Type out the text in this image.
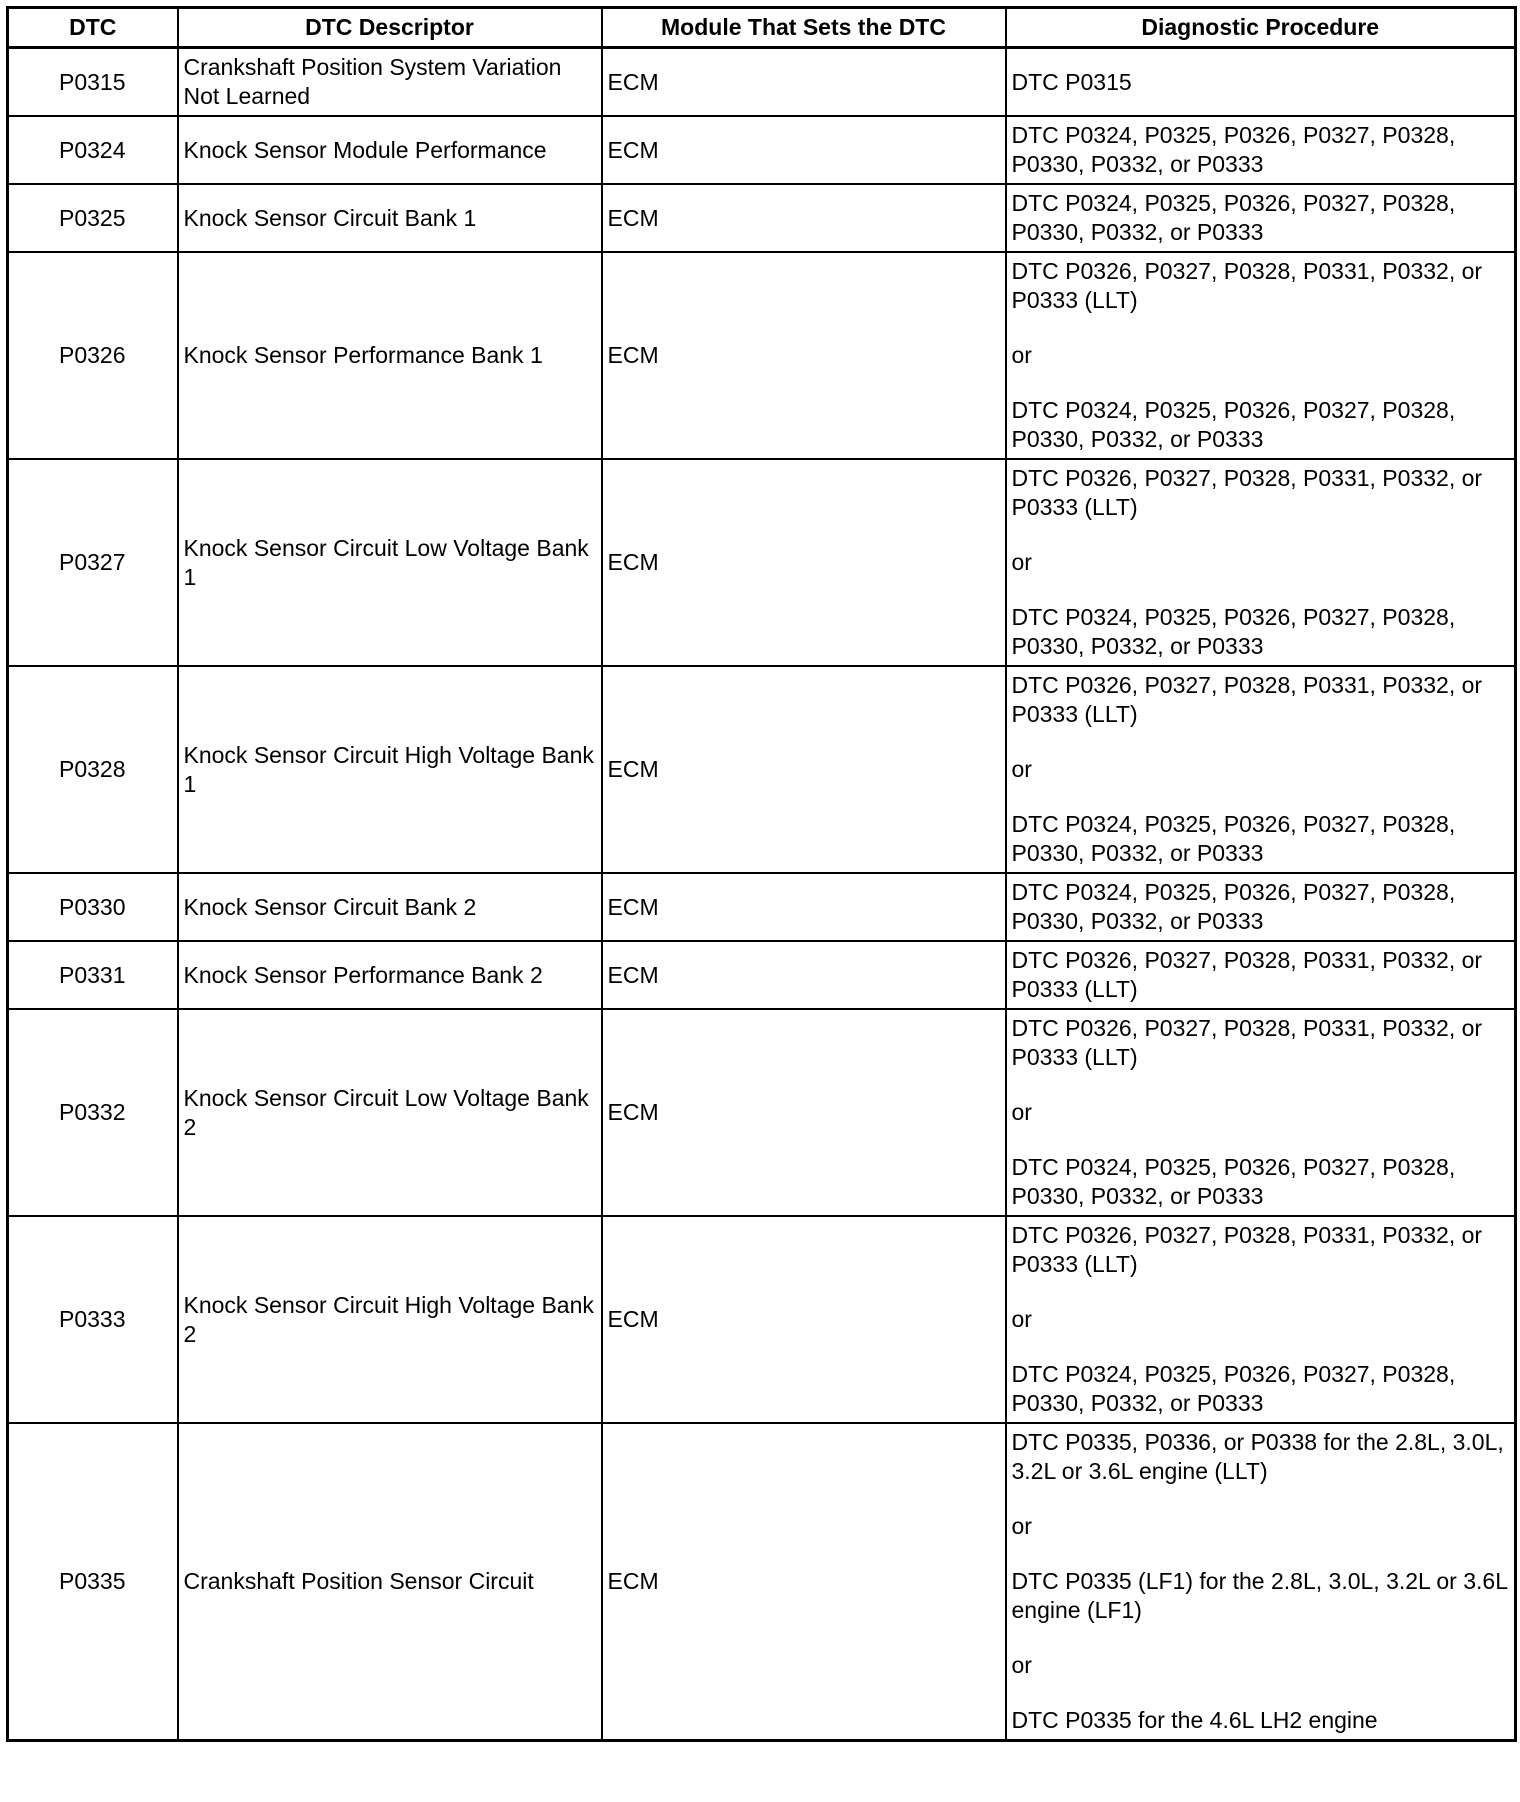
DTC	DTC Descriptor	Module That Sets the DTC	Diagnostic Procedure
P0315	Crankshaft Position System Variation Not Learned	ECM	DTC P0315

P0324	Knock Sensor Module Performance	ECM	DTC P0324, P0325, P0326, P0327, P0328, P0330, P0332, or P0333

P0325	Knock Sensor Circuit Bank 1	ECM	DTC P0324, P0325, P0326, P0327, P0328, P0330, P0332, or P0333

P0326	Knock Sensor Performance Bank 1	ECM	DTC P0326, P0327, P0328, P0331, P0332, or P0333 (LLT)
or
DTC P0324, P0325, P0326, P0327, P0328, P0330, P0332, or P0333

P0327	Knock Sensor Circuit Low Voltage Bank 1	ECM	DTC P0326, P0327, P0328, P0331, P0332, or P0333 (LLT)
or
DTC P0324, P0325, P0326, P0327, P0328, P0330, P0332, or P0333

P0328	Knock Sensor Circuit High Voltage Bank 1	ECM	DTC P0326, P0327, P0328, P0331, P0332, or P0333 (LLT)
or
DTC P0324, P0325, P0326, P0327, P0328, P0330, P0332, or P0333

P0330	Knock Sensor Circuit Bank 2	ECM	DTC P0324, P0325, P0326, P0327, P0328, P0330, P0332, or P0333

P0331	Knock Sensor Performance Bank 2	ECM	DTC P0326, P0327, P0328, P0331, P0332, or P0333 (LLT)

P0332	Knock Sensor Circuit Low Voltage Bank 2	ECM	DTC P0326, P0327, P0328, P0331, P0332, or P0333 (LLT)
or
DTC P0324, P0325, P0326, P0327, P0328, P0330, P0332, or P0333

P0333	Knock Sensor Circuit High Voltage Bank 2	ECM	DTC P0326, P0327, P0328, P0331, P0332, or P0333 (LLT)
or
DTC P0324, P0325, P0326, P0327, P0328, P0330, P0332, or P0333

P0335	Crankshaft Position Sensor Circuit	ECM	DTC P0335, P0336, or P0338 for the 2.8L, 3.0L, 3.2L or 3.6L engine (LLT)
or
DTC P0335 (LF1) for the 2.8L, 3.0L, 3.2L or 3.6L engine (LF1)
or
DTC P0335 for the 4.6L LH2 engine
